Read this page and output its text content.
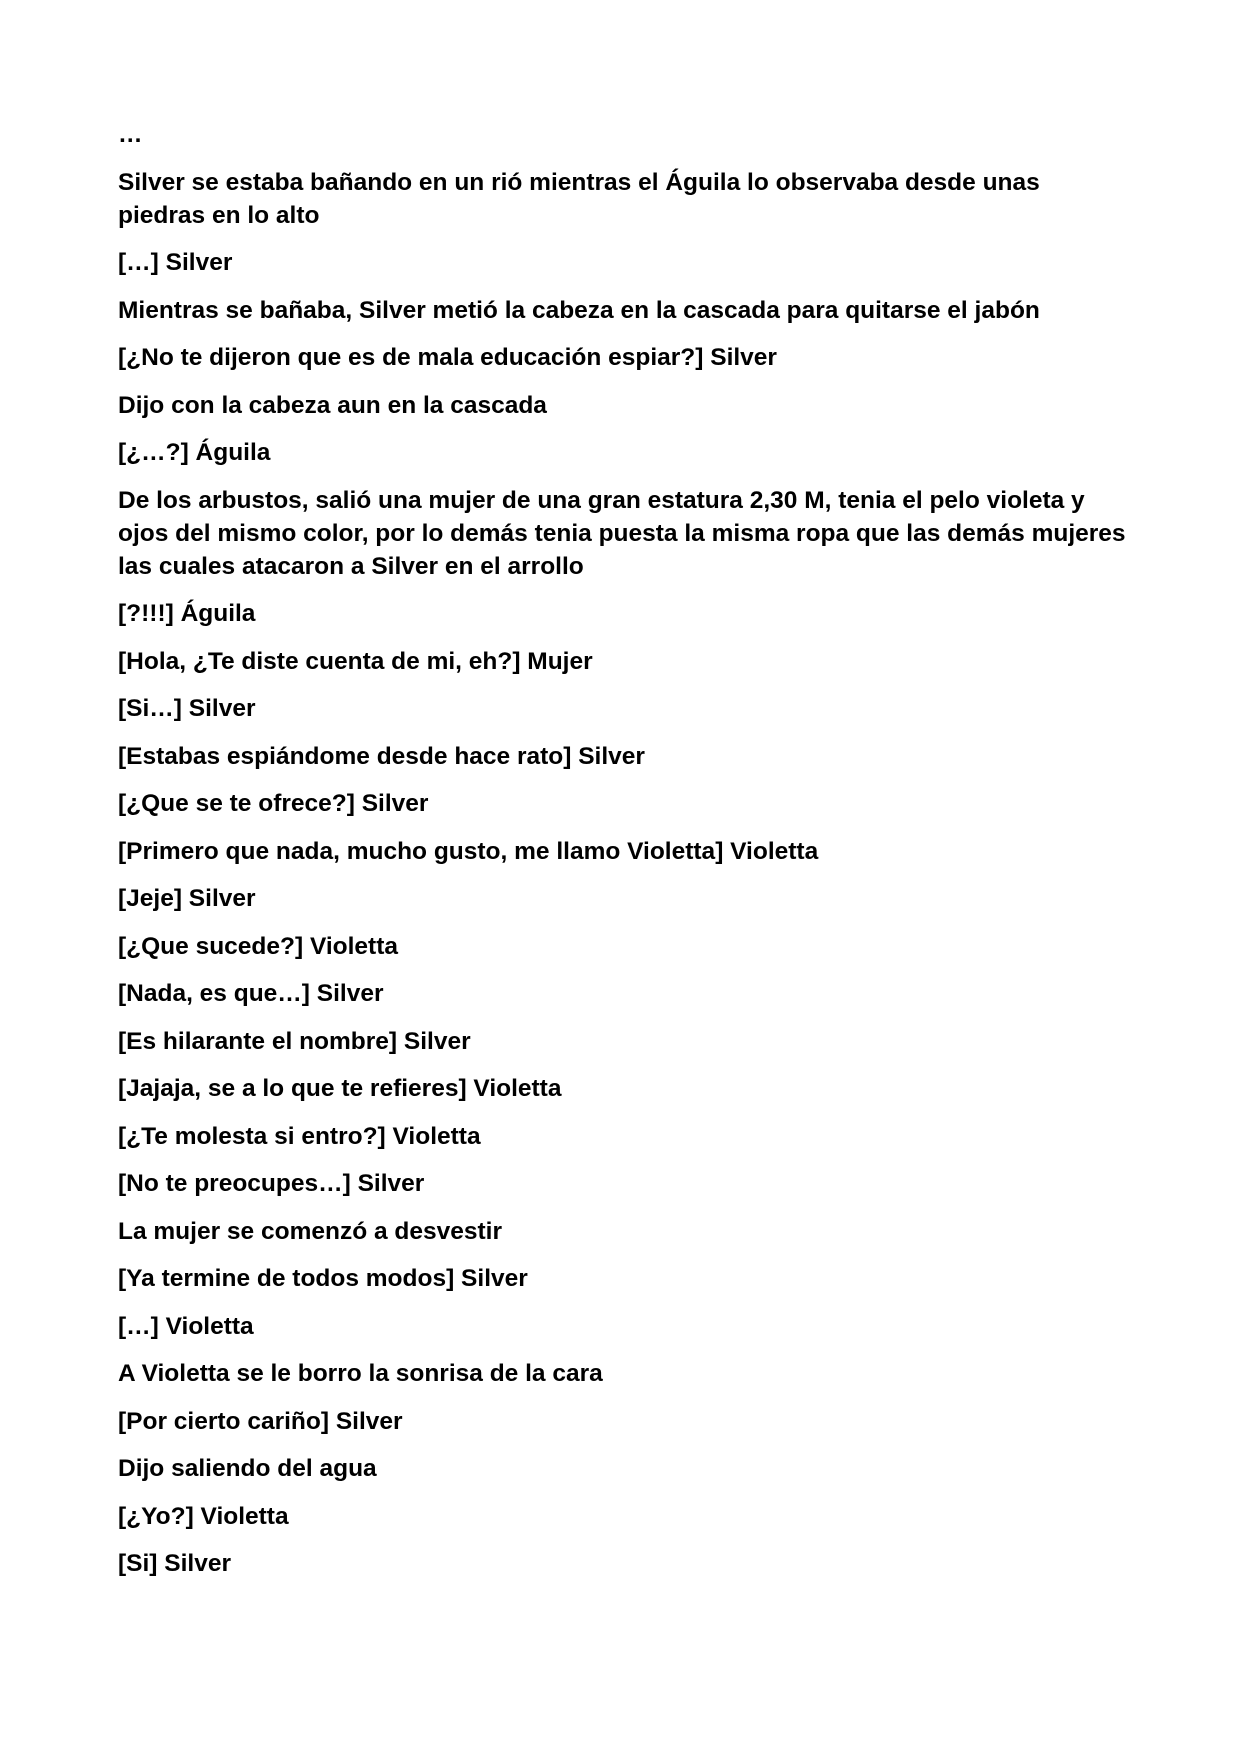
…

Silver se estaba bañando en un rió mientras el Águila lo observaba desde unas piedras en lo alto

[…] Silver

Mientras se bañaba, Silver metió la cabeza en la cascada para quitarse el jabón

[¿No te dijeron que es de mala educación espiar?] Silver

Dijo con la cabeza aun en la cascada

[¿…?] Águila

De los arbustos, salió una mujer de una gran estatura 2,30 M, tenia el pelo violeta y ojos del mismo color, por lo demás tenia puesta la misma ropa que las demás mujeres las cuales atacaron a Silver en el arrollo

[?!!!] Águila

[Hola, ¿Te diste cuenta de mi, eh?] Mujer

[Si…] Silver

[Estabas espiándome desde hace rato] Silver

[¿Que se te ofrece?] Silver

[Primero que nada, mucho gusto, me llamo Violetta] Violetta

[Jeje] Silver

[¿Que sucede?] Violetta

[Nada, es que…] Silver

[Es hilarante el nombre] Silver

[Jajaja, se a lo que te refieres] Violetta

[¿Te molesta si entro?] Violetta

[No te preocupes…] Silver

La mujer se comenzó a desvestir

[Ya termine de todos modos] Silver

[…] Violetta

A Violetta se le borro la sonrisa de la cara

[Por cierto cariño] Silver

Dijo saliendo del agua

[¿Yo?] Violetta

[Si] Silver
